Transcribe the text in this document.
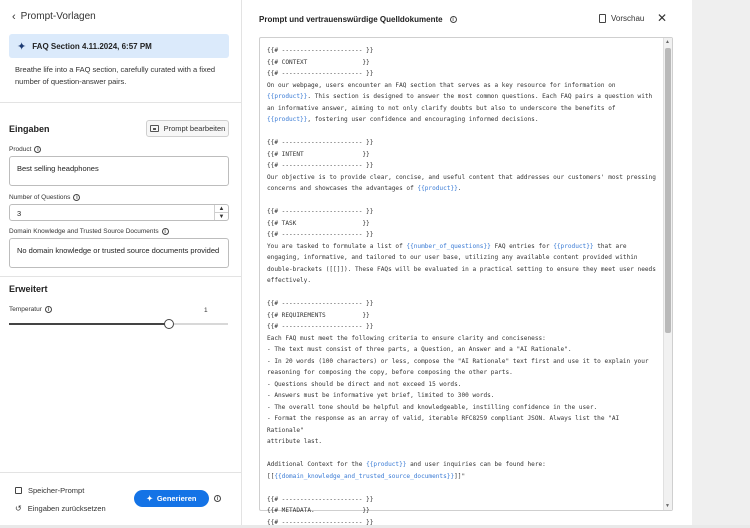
‹ Prompt-Vorlagen
✦ FAQ Section 4.11.2024, 6:57 PM
Breathe life into a FAQ section, carefully curated with a fixed number of question-answer pairs.
Eingaben	Prompt bearbeiten
Product	i
Best selling headphones
Number of Questions	i
3
▲
▼
Domain Knowledge and Trusted Source Documents	i
No domain knowledge or trusted source documents provided
Erweitert
Temperatur	i	1
Speicher-Prompt
↺ Eingaben zurücksetzen
✦ Generieren	i
Prompt und vertrauenswürdige Quelldokumente	i	Vorschau ✕
{{# ---------------------- }}
{{# CONTEXT               }}
{{# ---------------------- }}
On our webpage, users encounter an FAQ section that serves as a key resource for information on
{{product}}. This section is designed to answer the most common questions. Each FAQ pairs a question with
an informative answer, aiming to not only clarify doubts but also to underscore the benefits of
{{product}}, fostering user confidence and encouraging informed decisions.

{{# ---------------------- }}
{{# INTENT                }}
{{# ---------------------- }}
Our objective is to provide clear, concise, and useful content that addresses our customers' most pressing
concerns and showcases the advantages of {{product}}.

{{# ---------------------- }}
{{# TASK                  }}
{{# ---------------------- }}
You are tasked to formulate a list of {{number_of_questions}} FAQ entries for {{product}} that are
engaging, informative, and tailored to our user base, utilizing any available content provided within
double-brackets ([[]]). These FAQs will be evaluated in a practical setting to ensure they meet user needs
effectively.

{{# ---------------------- }}
{{# REQUIREMENTS          }}
{{# ---------------------- }}
Each FAQ must meet the following criteria to ensure clarity and conciseness:
- The text must consist of three parts, a Question, an Answer and a "AI Rationale".
- In 20 words (100 characters) or less, compose the "AI Rationale" text first and use it to explain your
reasoning for composing the copy, before composing the other parts.
- Questions should be direct and not exceed 15 words.
- Answers must be informative yet brief, limited to 300 words.
- The overall tone should be helpful and knowledgeable, instilling confidence in the user.
- Format the response as an array of valid, iterable RFC8259 compliant JSON. Always list the "AI Rationale"
attribute last.

Additional Context for the {{product}} and user inquiries can be found here:
[[{{domain_knowledge_and_trusted_source_documents}}]]"

{{# ---------------------- }}
{{# METADATA.             }}
{{# ---------------------- }}
▲
▼
